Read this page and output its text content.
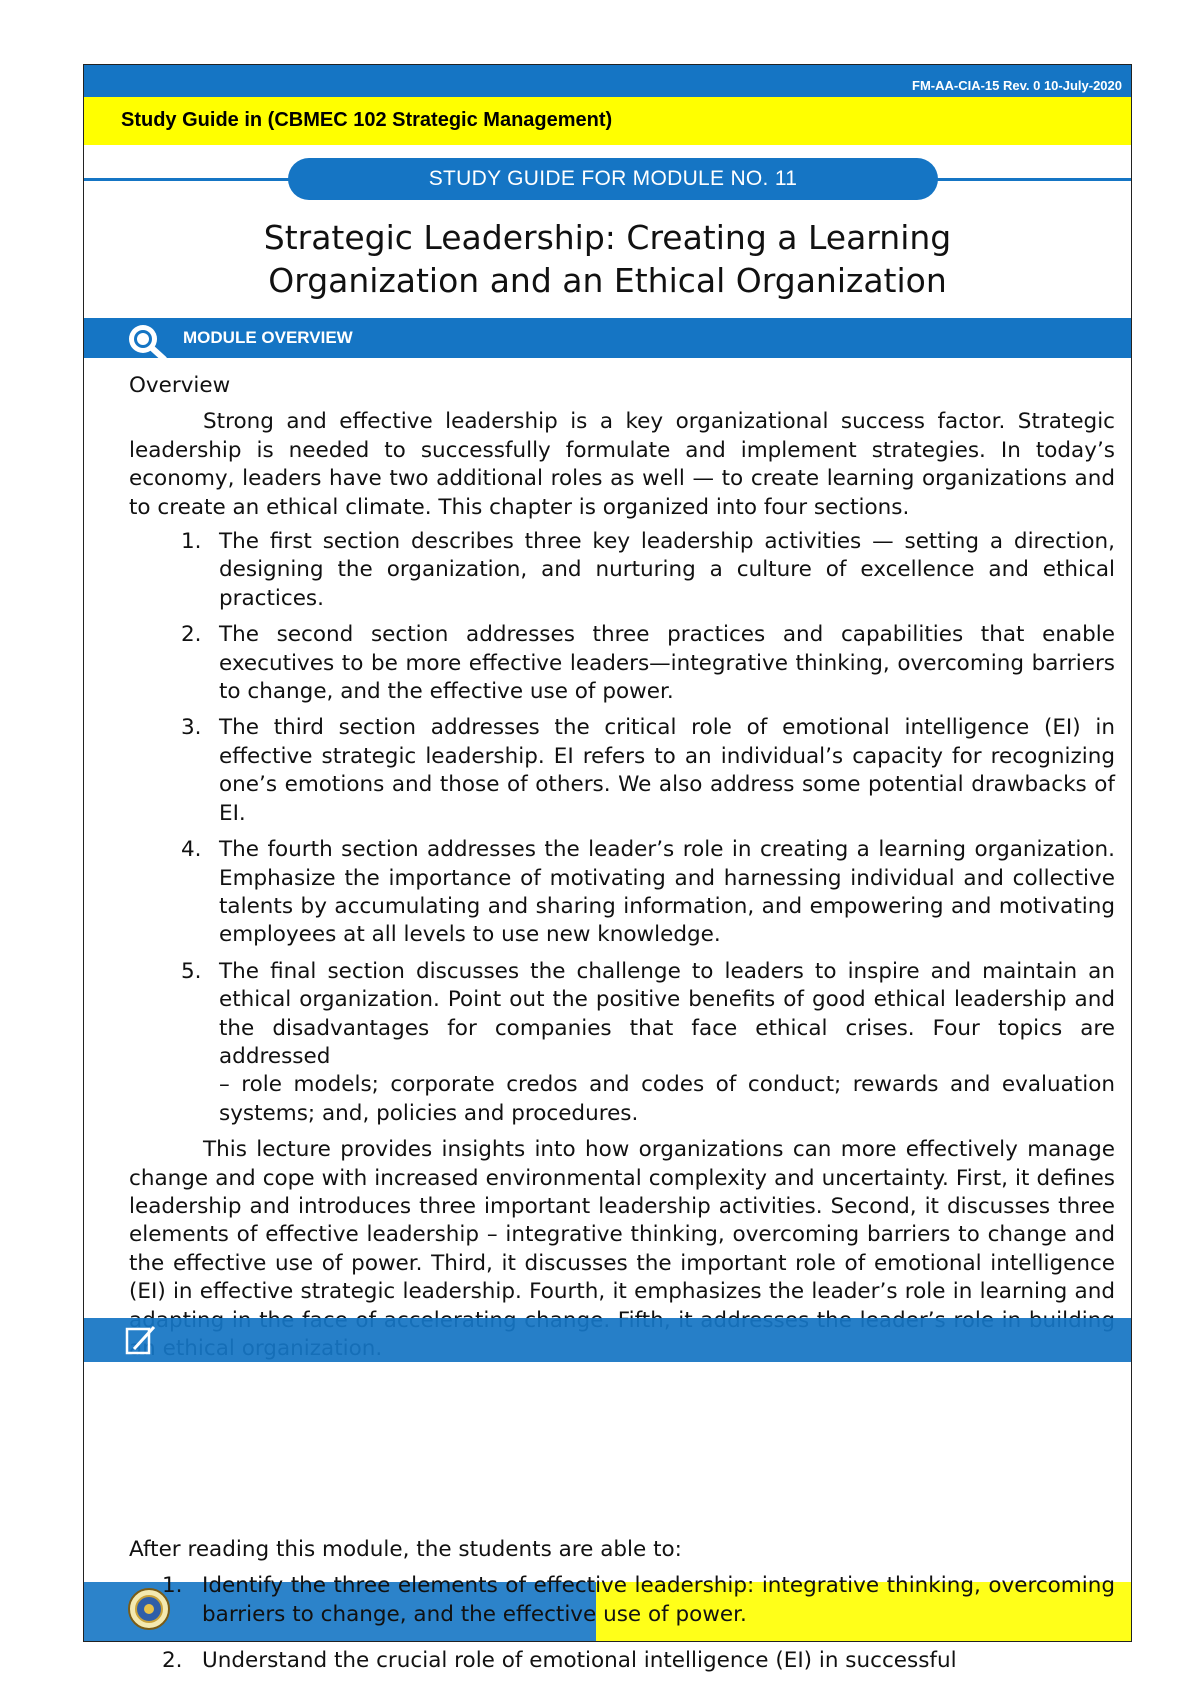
FM-AA-CIA-15 Rev. 0 10-July-2020
Study Guide in (CBMEC 102 Strategic Management)
STUDY GUIDE FOR MODULE NO. 11
Strategic Leadership: Creating a Learning
Organization and an Ethical Organization
MODULE OVERVIEW

Overview

Strong and effective leadership is a key organizational success factor. Strategic leadership is needed to successfully formulate and implement strategies. In today’s economy, leaders have two additional roles as well — to create learning organizations and to create an ethical climate. This chapter is organized into four sections.

1. The first section describes three key leadership activities — setting a direction, designing the organization, and nurturing a culture of excellence and ethical practices.
2. The second section addresses three practices and capabilities that enable executives to be more effective leaders—integrative thinking, overcoming barriers to change, and the effective use of power.
3. The third section addresses the critical role of emotional intelligence (EI) in effective strategic leadership. EI refers to an individual’s capacity for recognizing one’s emotions and those of others. We also address some potential drawbacks of EI.
4. The fourth section addresses the leader’s role in creating a learning organization. Emphasize the importance of motivating and harnessing individual and collective talents by accumulating and sharing information, and empowering and motivating employees at all levels to use new knowledge.
5. The final section discusses the challenge to leaders to inspire and maintain an ethical organization. Point out the positive benefits of good ethical leadership and the disadvantages for companies that face ethical crises. Four topics are addressed
– role models; corporate credos and codes of conduct; rewards and evaluation systems; and, policies and procedures.

This lecture provides insights into how organizations can more effectively manage change and cope with increased environmental complexity and uncertainty. First, it defines leadership and introduces three important leadership activities. Second, it discusses three elements of effective leadership – integrative thinking, overcoming barriers to change and the effective use of power. Third, it discusses the important role of emotional intelligence (EI) in effective strategic leadership. Fourth, it emphasizes the leader’s role in learning and

After reading this module, the students are able to:

1. Identify the three elements of effective leadership: integrative thinking, overcoming barriers to change, and the effective use of power.
2. Understand the crucial role of emotional intelligence (EI) in successful
